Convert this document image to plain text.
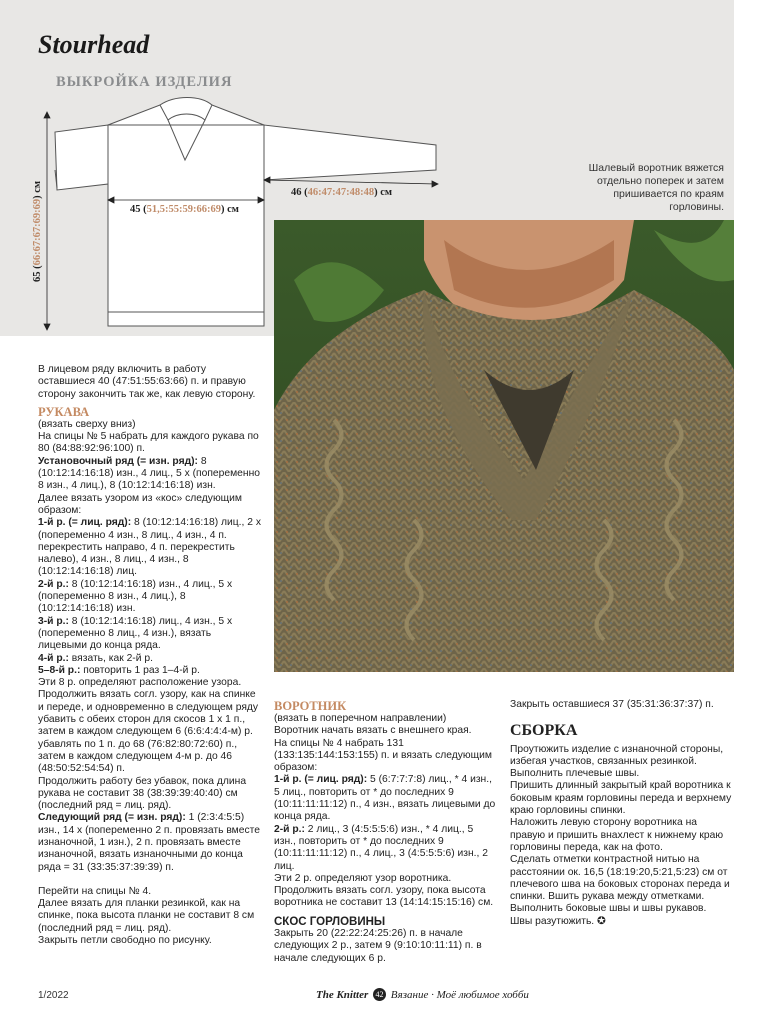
Stourhead
ВЫКРОЙКА ИЗДЕЛИЯ
46 (46:47:47:48:48) см
45 (51,5:55:59:66:69) см
65 (66:67:67:69:69) см
Шалевый воротник вяжется отдельно поперек и затем пришивается по краям горловины.

В лицевом ряду включить в работу оставшиеся 40 (47:51:55:63:66) п. и правую сторону закончить так же, как левую сторону.

РУКАВА

(вязать сверху вниз)

На спицы № 5 набрать для каждого рукава по 80 (84:88:92:96:100) п.

Установочный ряд (= изн. ряд): 8 (10:12:14:16:18) изн., 4 лиц., 5 х (попеременно 8 изн., 4 лиц.), 8 (10:12:14:16:18) изн.

Далее вязать узором из «кос» следующим образом:

1-й р. (= лиц. ряд): 8 (10:12:14:16:18) лиц., 2 х (попеременно 4 изн., 8 лиц., 4 изн., 4 п. перекрестить направо, 4 п. перекрестить налево), 4 изн., 8 лиц., 4 изн., 8 (10:12:14:16:18) лиц.

2-й р.: 8 (10:12:14:16:18) изн., 4 лиц., 5 х (попеременно 8 изн., 4 лиц.), 8 (10:12:14:16:18) изн.

3-й р.: 8 (10:12:14:16:18) лиц., 4 изн., 5 х (попеременно 8 лиц., 4 изн.), вязать лицевыми до конца ряда.

4-й р.: вязать, как 2-й р.

5–8-й р.: повторить 1 раз 1–4-й р.

Эти 8 р. определяют расположение узора. Продолжить вязать согл. узору, как на спинке и переде, и одновременно в следующем ряду убавить с обеих сторон для скосов 1 х 1 п., затем в каждом следующем 6 (6:6:4:4:4-м) р. убавлять по 1 п. до 68 (76:82:80:72:60) п., затем в каждом следующем 4-м р. до 46 (48:50:52:54:54) п.

Продолжить работу без убавок, пока длина рукава не составит 38 (38:39:39:40:40) см (последний ряд = лиц. ряд).

Следующий ряд (= изн. ряд): 1 (2:3:4:5:5) изн., 14 х (попеременно 2 п. провязать вместе изнаночной, 1 изн.), 2 п. провязать вместе изнаночной, вязать изнаночными до конца ряда = 31 (33:35:37:39:39) п.

Перейти на спицы № 4.

Далее вязать для планки резинкой, как на спинке, пока высота планки не составит 8 см (последний ряд = лиц. ряд).

Закрыть петли свободно по рисунку.

ВОРОТНИК

(вязать в поперечном направлении)

Воротник начать вязать с внешнего края.

На спицы № 4 набрать 131 (133:135:144:153:155) п. и вязать следующим образом:

1-й р. (= лиц. ряд): 5 (6:7:7:7:8) лиц., * 4 изн., 5 лиц., повторить от * до последних 9 (10:11:11:11:12) п., 4 изн., вязать лицевыми до конца ряда.

2-й р.: 2 лиц., 3 (4:5:5:5:6) изн., * 4 лиц., 5 изн., повторить от * до последних 9 (10:11:11:11:12) п., 4 лиц., 3 (4:5:5:5:6) изн., 2 лиц.

Эти 2 р. определяют узор воротника. Продолжить вязать согл. узору, пока высота воротника не составит 13 (14:14:15:15:16) см.

СКОС ГОРЛОВИНЫ

Закрыть 20 (22:22:24:25:26) п. в начале следующих 2 р., затем 9 (9:10:10:11:11) п. в начале следующих 6 р.

Закрыть оставшиеся 37 (35:31:36:37:37) п.

СБОРКА

Проутюжить изделие с изнаночной стороны, избегая участков, связанных резинкой. Выполнить плечевые швы.

Пришить длинный закрытый край воротника к боковым краям горловины переда и верхнему краю горловины спинки.

Наложить левую сторону воротника на правую и пришить внахлест к нижнему краю горловины переда, как на фото.

Сделать отметки контрастной нитью на расстоянии ок. 16,5 (18:19:20,5:21,5:23) см от плечевого шва на боковых сторонах переда и спинки. Вшить рукава между отметками. Выполнить боковые швы и швы рукавов.

Швы разутюжить. ✪

1/2022	The Knitter 42 Вязание · Моё любимое хобби
